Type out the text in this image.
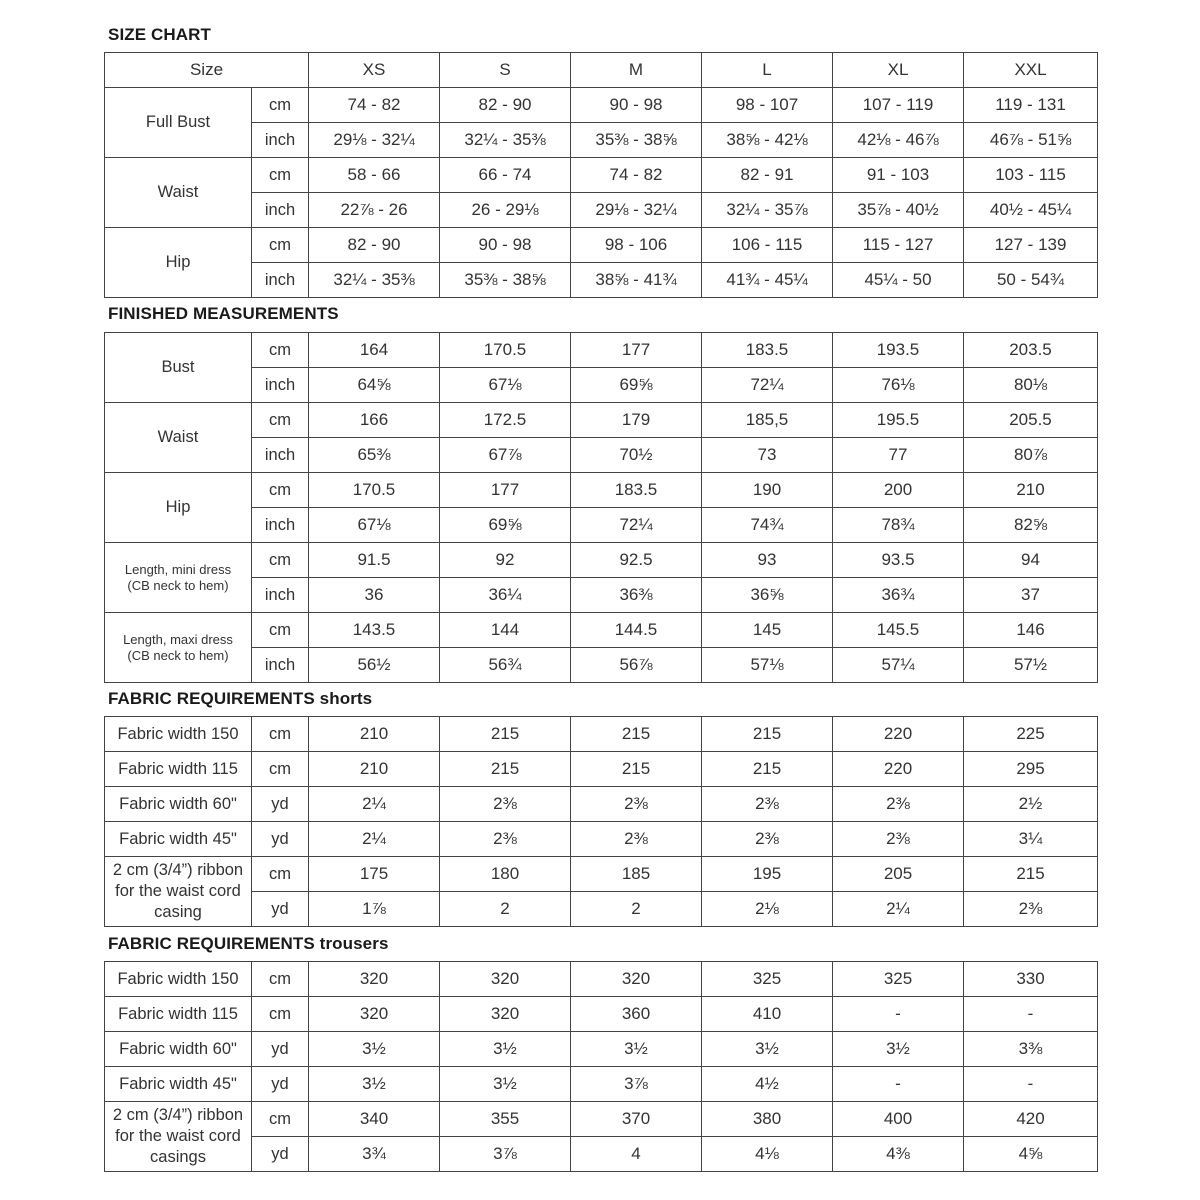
SIZE CHART
Size		XS	S	M	L	XL	XXL
Full Bust	cm	74 - 82	82 - 90	90 - 98	98 - 107	107 - 119	119 - 131
	inch	29⅛ - 32¼	32¼ - 35⅜	35⅜ - 38⅝	38⅝ - 42⅛	42⅛ - 46⅞	46⅞ - 51⅝
Waist	cm	58 - 66	66 - 74	74 - 82	82 - 91	91 - 103	103 - 115
	inch	22⅞ - 26	26 - 29⅛	29⅛ - 32¼	32¼ - 35⅞	35⅞ - 40½	40½ - 45¼
Hip	cm	82 - 90	90 - 98	98 - 106	106 - 115	115 - 127	127 - 139
	inch	32¼ - 35⅜	35⅜ - 38⅝	38⅝ - 41¾	41¾ - 45¼	45¼ - 50	50 - 54¾
FINISHED MEASUREMENTS
Bust	cm	164	170.5	177	183.5	193.5	203.5
	inch	64⅝	67⅛	69⅝	72¼	76⅛	80⅛
Waist	cm	166	172.5	179	185,5	195.5	205.5
	inch	65⅜	67⅞	70½	73	77	80⅞
Hip	cm	170.5	177	183.5	190	200	210
	inch	67⅛	69⅝	72¼	74¾	78¾	82⅝

Length, mini dress
(CB neck to hem)	cm	91.5	92	92.5	93	93.5	94
	inch	36	36¼	36⅜	36⅝	36¾	37

Length, maxi dress
(CB neck to hem)	cm	143.5	144	144.5	145	145.5	146
	inch	56½	56¾	56⅞	57⅛	57¼	57½
FABRIC REQUIREMENTS shorts
Fabric width 150	cm	210	215	215	215	220	225
Fabric width 115	cm	210	215	215	215	220	295
Fabric width 60"	yd	2¼	2⅜	2⅜	2⅜	2⅜	2½
Fabric width 45"	yd	2¼	2⅜	2⅜	2⅜	2⅜	3¼

2 cm (3/4”) ribbon
for the waist cord
casing	cm	175	180	185	195	205	215
	yd	1⅞	2	2	2⅛	2¼	2⅜
FABRIC REQUIREMENTS trousers
Fabric width 150	cm	320	320	320	325	325	330
Fabric width 115	cm	320	320	360	410	-	-
Fabric width 60"	yd	3½	3½	3½	3½	3½	3⅜
Fabric width 45"	yd	3½	3½	3⅞	4½	-	-

2 cm (3/4”) ribbon
for the waist cord
casings	cm	340	355	370	380	400	420
	yd	3¾	3⅞	4	4⅛	4⅜	4⅝
